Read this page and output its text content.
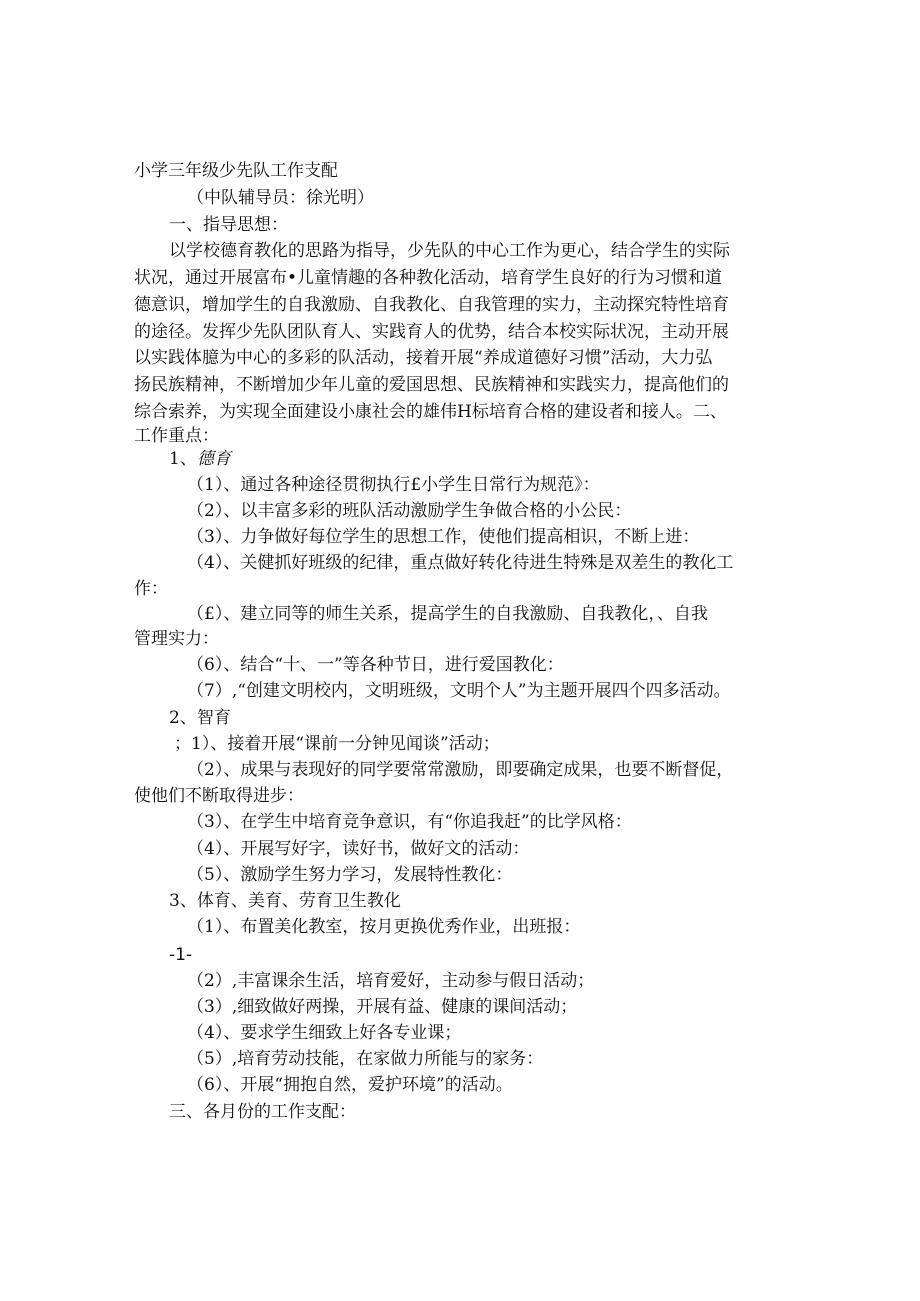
小学三年级少先队工作支配
（中队辅导员：徐光明）
一、指导思想：
以学校德育教化的思路为指导，少先队的中心工作为更心，结合学生的实际
状况，通过开展富布•儿童情趣的各种教化活动，培育学生良好的行为习惯和道
德意识，增加学生的自我激励、自我教化、自我管理的实力，主动探究特性培育
的途径。发挥少先队团队育人、实践育人的优势，结合本校实际状况，主动开展
以实践体臆为中心的多彩的队活动，接着开展“养成道德好习惯”活动，大力弘
扬民族精神，不断增加少年儿童的爱国思想、民族精神和实践实力，提高他们的
综合索养，为实现全面建设小康社会的雄伟H标培育合格的建设者和接人。二、
工作重点：
1、德育
（1）、通过各种途径贯彻执行£小学生日常行为规范》：
（2）、以丰富多彩的班队活动激励学生争做合格的小公民：
（3）、力争做好每位学生的思想工作，使他们提高相识，不断上进：
（4）、关健抓好班级的纪律，重点做好转化待进生特殊是双差生的教化工
作：
（£）、建立同等的师生关系，提高学生的自我激励、自我教化，、自我
管理实力：
（6）、结合“十、一”等各种节日，进行爱国教化：
（7）,“创建文明校内，文明班级，文明个人”为主题开展四个四多活动。
2、智育
；1）、接着开展“课前一分钟见闻谈”活动；
（2）、成果与表现好的同学要常常激励，即要确定成果，也要不断督促，
使他们不断取得进步：
（3）、在学生中培育竞争意识，有“你追我赶”的比学风格：
（4）、开展写好字，读好书，做好文的活动：
（5）、激励学生努力学习，发展特性教化：
3、体育、美育、劳育卫生教化
（1）、布置美化教室，按月更换优秀作业，出班报：
-1-
（2）,丰富课余生活，培育爱好，主动参与假日活动；
（3）,细致做好两操，开展有益、健康的课间活动；
（4）、要求学生细致上好各专业课；
（5）,培育劳动技能，在家做力所能与的家务：
（6）、开展“拥抱自然，爱护环境”的活动。
三、各月份的工作支配：
